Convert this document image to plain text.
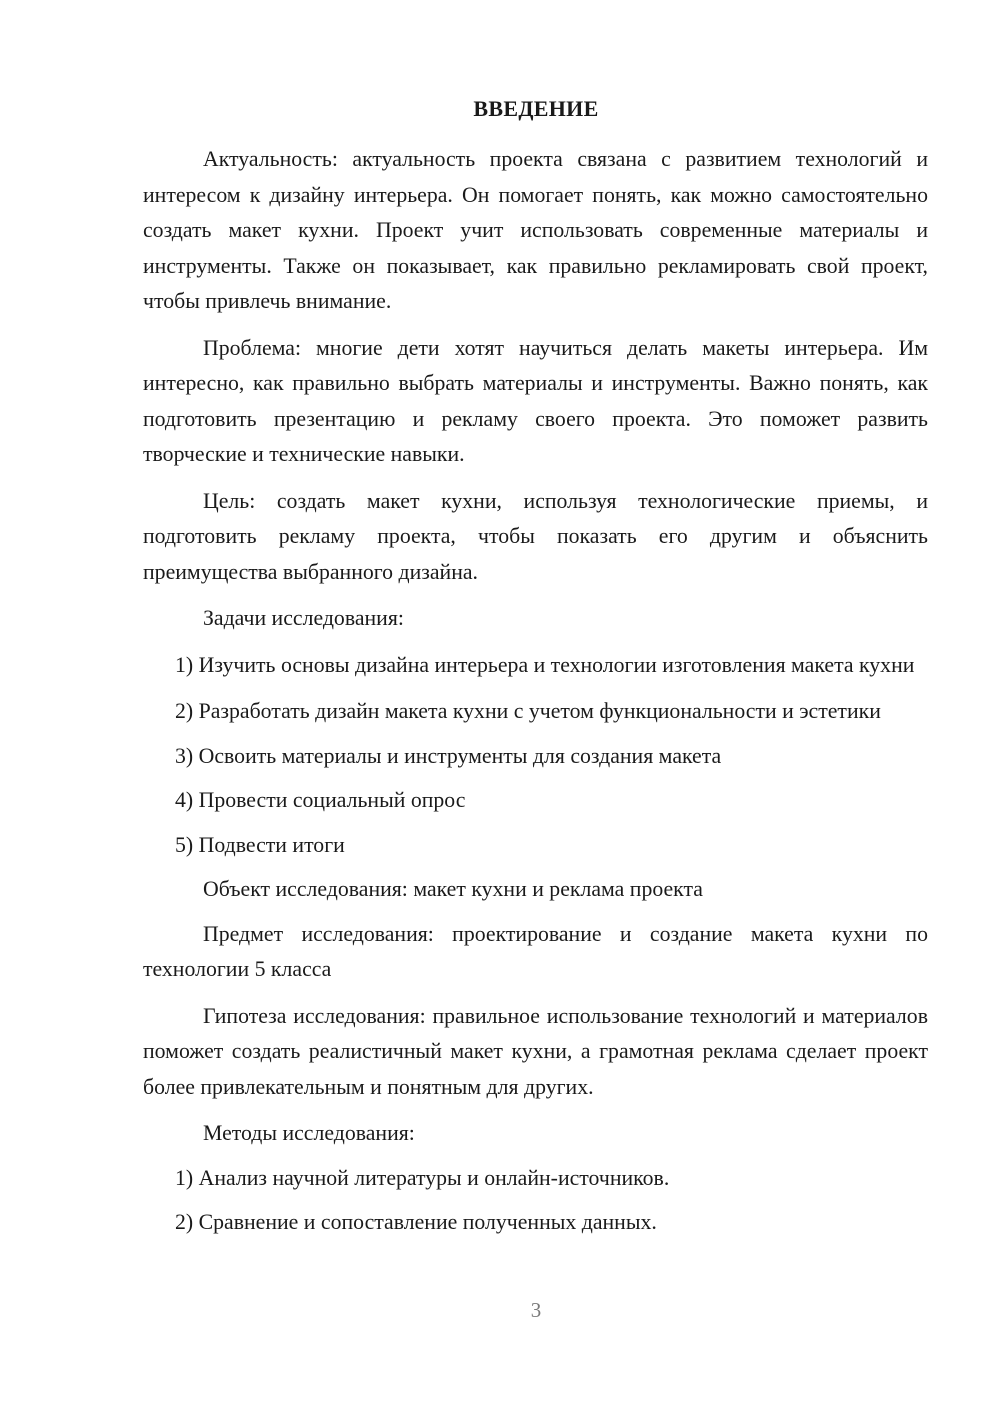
ВВЕДЕНИЕ

Актуальность: актуальность проекта связана с развитием технологий и интересом к дизайну интерьера. Он помогает понять, как можно самостоятельно создать макет кухни. Проект учит использовать современные материалы и инструменты. Также он показывает, как правильно рекламировать свой проект, чтобы привлечь внимание.

Проблема: многие дети хотят научиться делать макеты интерьера. Им интересно, как правильно выбрать материалы и инструменты. Важно понять, как подготовить презентацию и рекламу своего проекта. Это поможет развить творческие и технические навыки.

Цель: создать макет кухни, используя технологические приемы, и подготовить рекламу проекта, чтобы показать его другим и объяснить преимущества выбранного дизайна.

Задачи исследования:

1) Изучить основы дизайна интерьера и технологии изготовления макета кухни

2) Разработать дизайн макета кухни с учетом функциональности и эстетики

3) Освоить материалы и инструменты для создания макета

4) Провести социальный опрос

5) Подвести итоги

Объект исследования: макет кухни и реклама проекта

Предмет исследования: проектирование и создание макета кухни по технологии 5 класса

Гипотеза исследования: правильное использование технологий и материалов поможет создать реалистичный макет кухни, а грамотная реклама сделает проект более привлекательным и понятным для других.

Методы исследования:

1) Анализ научной литературы и онлайн-источников.

2) Сравнение и сопоставление полученных данных.

3
